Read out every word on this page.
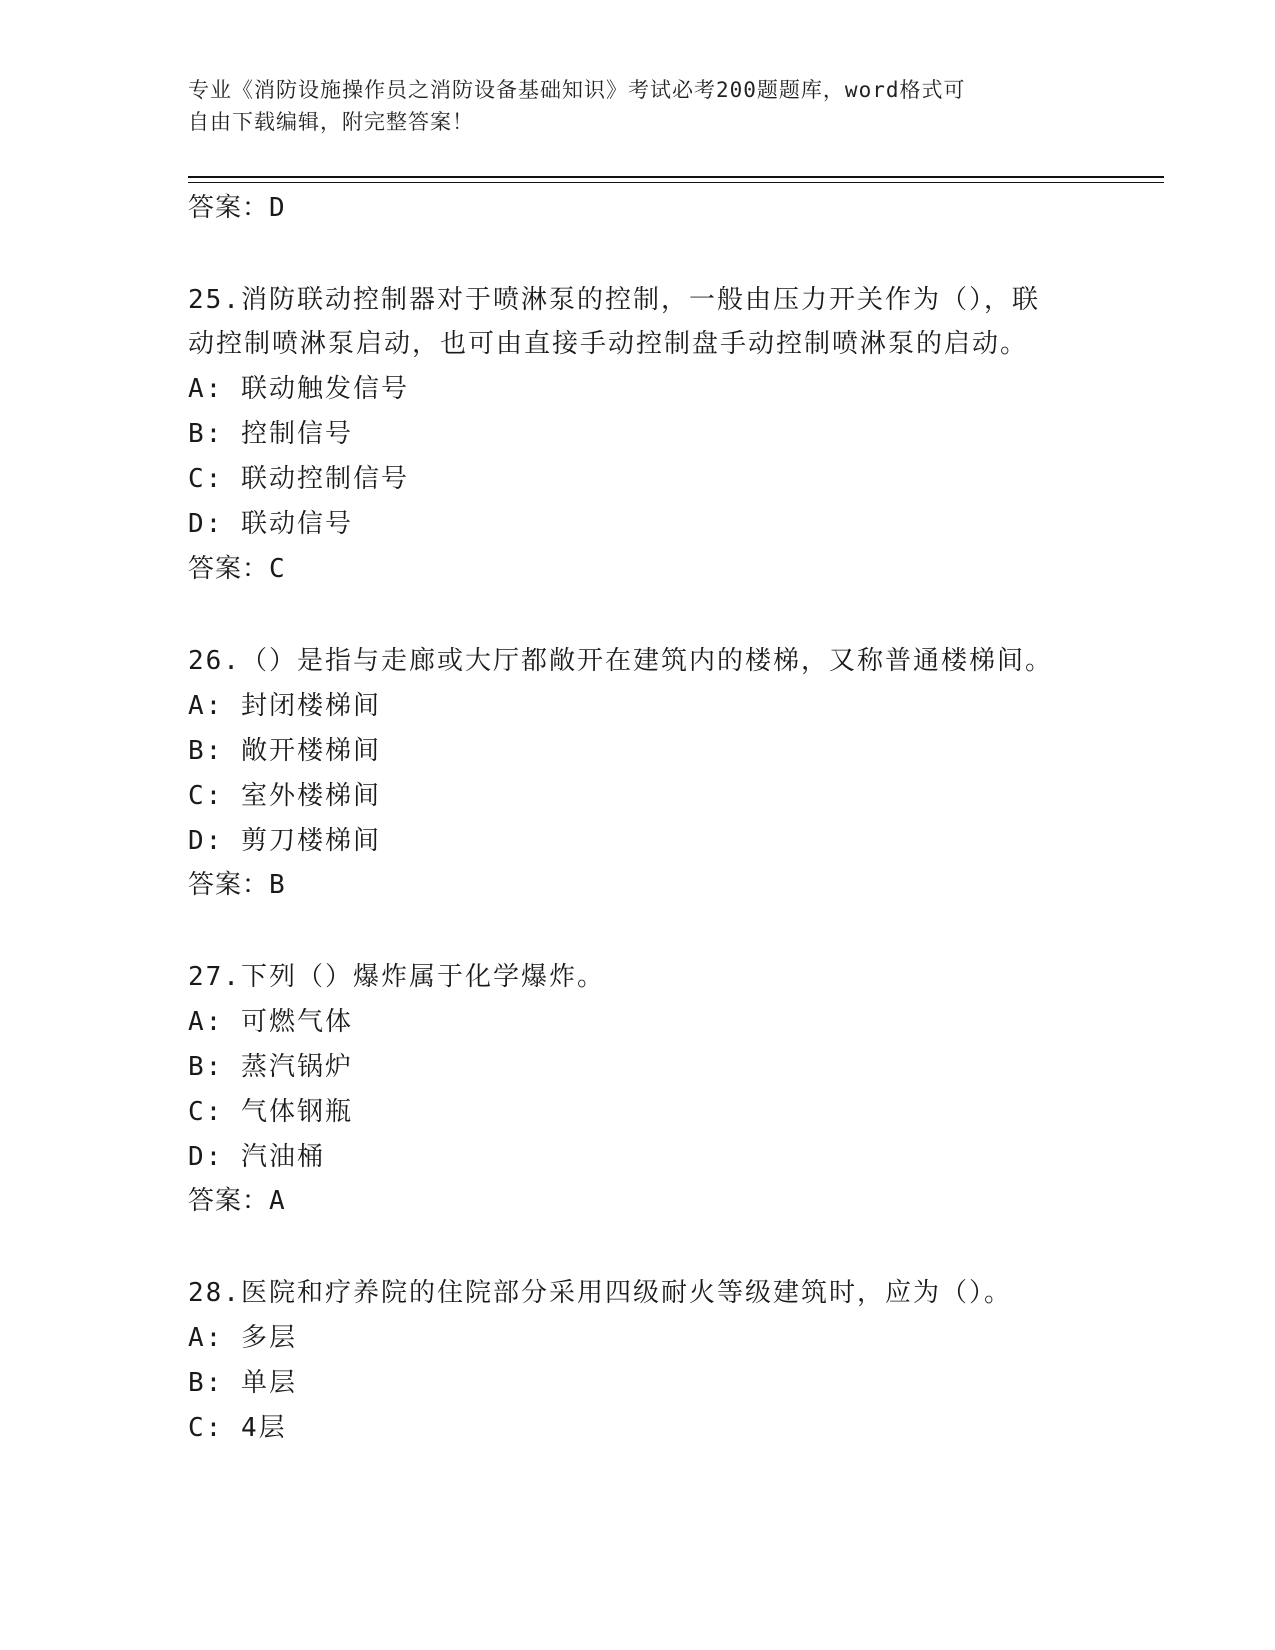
专业《消防设施操作员之消防设备基础知识》考试必考200题题库，word格式可
自由下载编辑，附完整答案！
答案：D
25.消防联动控制器对于喷淋泵的控制，一般由压力开关作为（），联
动控制喷淋泵启动，也可由直接手动控制盘手动控制喷淋泵的启动。
A: 联动触发信号
B: 控制信号
C: 联动控制信号
D: 联动信号
答案：C
26.（）是指与走廊或大厅都敞开在建筑内的楼梯，又称普通楼梯间。
A: 封闭楼梯间
B: 敞开楼梯间
C: 室外楼梯间
D: 剪刀楼梯间
答案：B
27.下列（）爆炸属于化学爆炸。
A: 可燃气体
B: 蒸汽锅炉
C: 气体钢瓶
D: 汽油桶
答案：A
28.医院和疗养院的住院部分采用四级耐火等级建筑时，应为（）。
A: 多层
B: 单层
C: 4层
